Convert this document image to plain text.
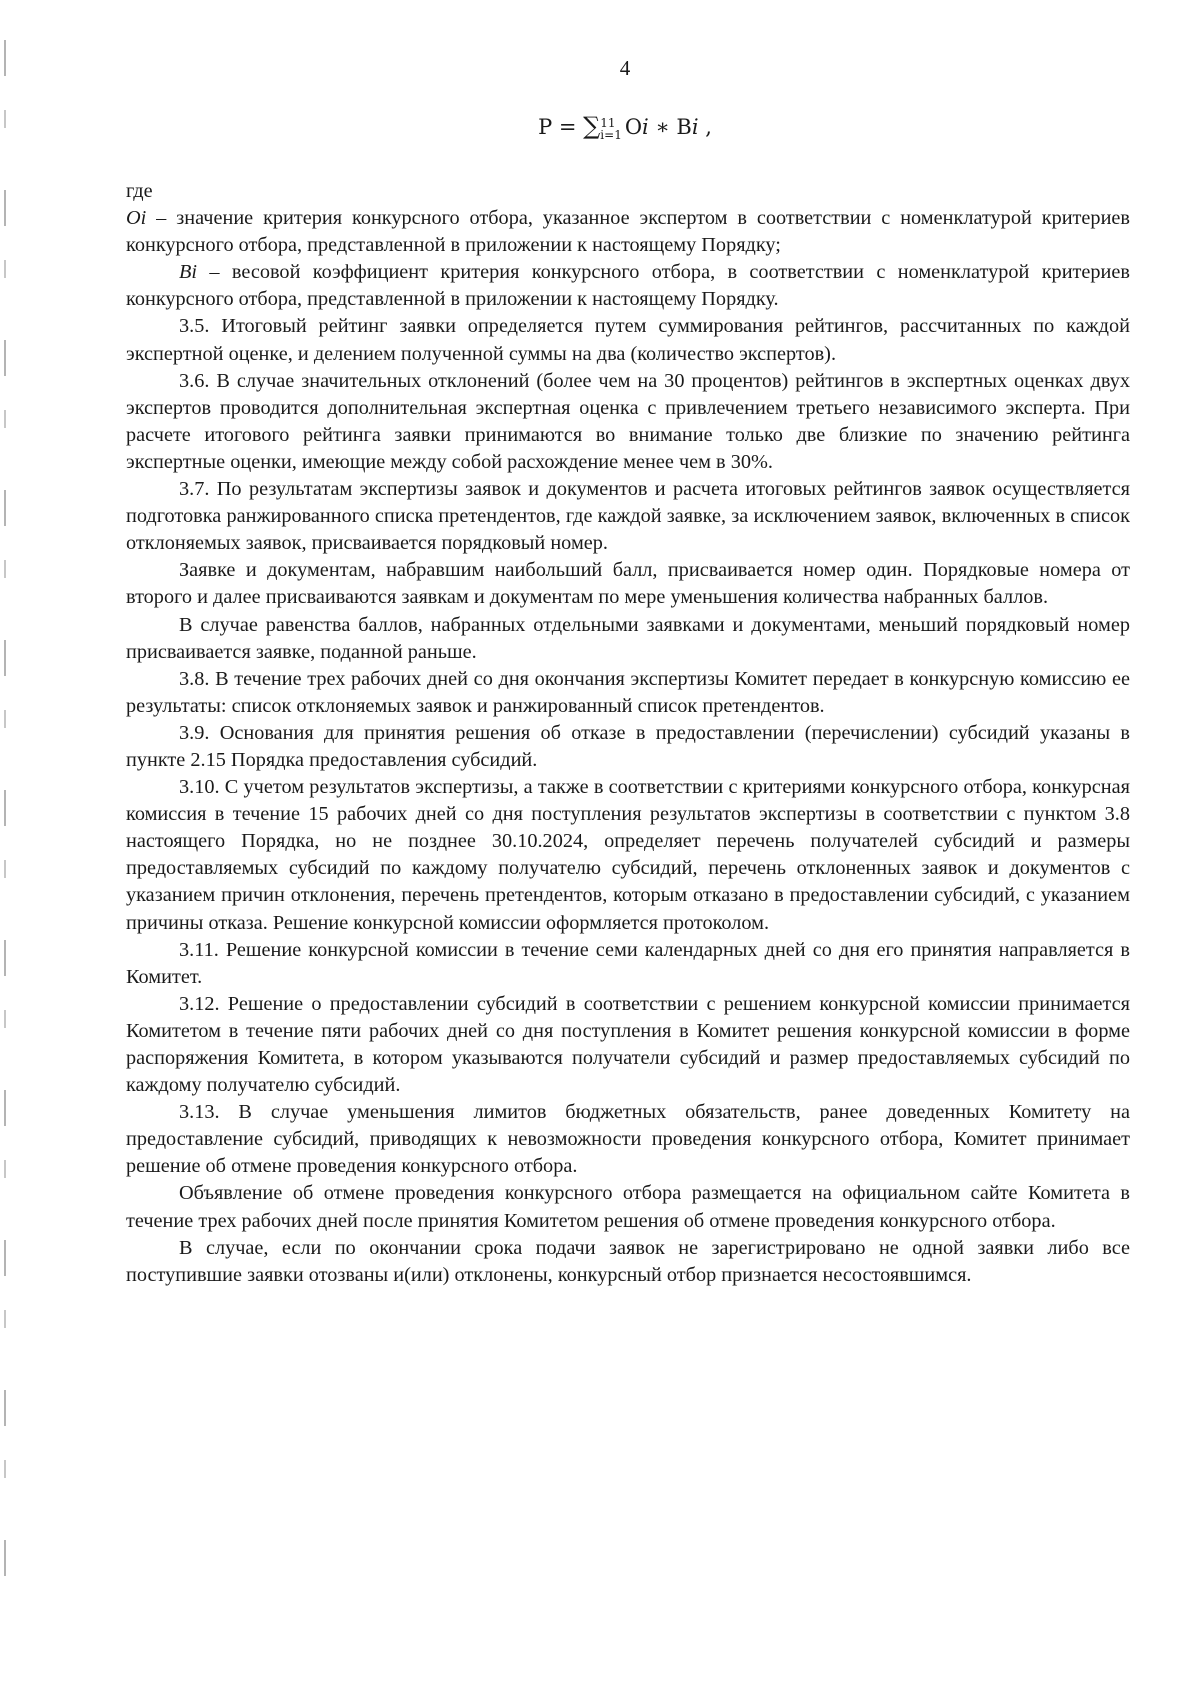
4
P = ∑ 11
i=1 Oi ∗ Bi ,

где

Oi – значение критерия конкурсного отбора, указанное экспертом в соответствии с номенклатурой критериев конкурсного отбора, представленной в приложении к настоящему Порядку;

Bi – весовой коэффициент критерия конкурсного отбора, в соответствии с номенклатурой критериев конкурсного отбора, представленной в приложении к настоящему Порядку.

3.5. Итоговый рейтинг заявки определяется путем суммирования рейтингов, рассчитанных по каждой экспертной оценке, и делением полученной суммы на два (количество экспертов).

3.6. В случае значительных отклонений (более чем на 30 процентов) рейтингов в экспертных оценках двух экспертов проводится дополнительная экспертная оценка с привлечением третьего независимого эксперта. При расчете итогового рейтинга заявки принимаются во внимание только две близкие по значению рейтинга экспертные оценки, имеющие между собой расхождение менее чем в 30%.

3.7. По результатам экспертизы заявок и документов и расчета итоговых рейтингов заявок осуществляется подготовка ранжированного списка претендентов, где каждой заявке, за исключением заявок, включенных в список отклоняемых заявок, присваивается порядковый номер.

Заявке и документам, набравшим наибольший балл, присваивается номер один. Порядковые номера от второго и далее присваиваются заявкам и документам по мере уменьшения количества набранных баллов.

В случае равенства баллов, набранных отдельными заявками и документами, меньший порядковый номер присваивается заявке, поданной раньше.

3.8. В течение трех рабочих дней со дня окончания экспертизы Комитет передает в конкурсную комиссию ее результаты: список отклоняемых заявок и ранжированный список претендентов.

3.9. Основания для принятия решения об отказе в предоставлении (перечислении) субсидий указаны в пункте 2.15 Порядка предоставления субсидий.

3.10. С учетом результатов экспертизы, а также в соответствии с критериями конкурсного отбора, конкурсная комиссия в течение 15 рабочих дней со дня поступления результатов экспертизы в соответствии с пунктом 3.8 настоящего Порядка, но не позднее 30.10.2024, определяет перечень получателей субсидий и размеры предоставляемых субсидий по каждому получателю субсидий, перечень отклоненных заявок и документов с указанием причин отклонения, перечень претендентов, которым отказано в предоставлении субсидий, с указанием причины отказа. Решение конкурсной комиссии оформляется протоколом.

3.11. Решение конкурсной комиссии в течение семи календарных дней со дня его принятия направляется в Комитет.

3.12. Решение о предоставлении субсидий в соответствии с решением конкурсной комиссии принимается Комитетом в течение пяти рабочих дней со дня поступления в Комитет решения конкурсной комиссии в форме распоряжения Комитета, в котором указываются получатели субсидий и размер предоставляемых субсидий по каждому получателю субсидий.

3.13. В случае уменьшения лимитов бюджетных обязательств, ранее доведенных Комитету на предоставление субсидий, приводящих к невозможности проведения конкурсного отбора, Комитет принимает решение об отмене проведения конкурсного отбора.

Объявление об отмене проведения конкурсного отбора размещается на официальном сайте Комитета в течение трех рабочих дней после принятия Комитетом решения об отмене проведения конкурсного отбора.

В случае, если по окончании срока подачи заявок не зарегистрировано не одной заявки либо все поступившие заявки отозваны и(или) отклонены, конкурсный отбор признается несостоявшимся.
